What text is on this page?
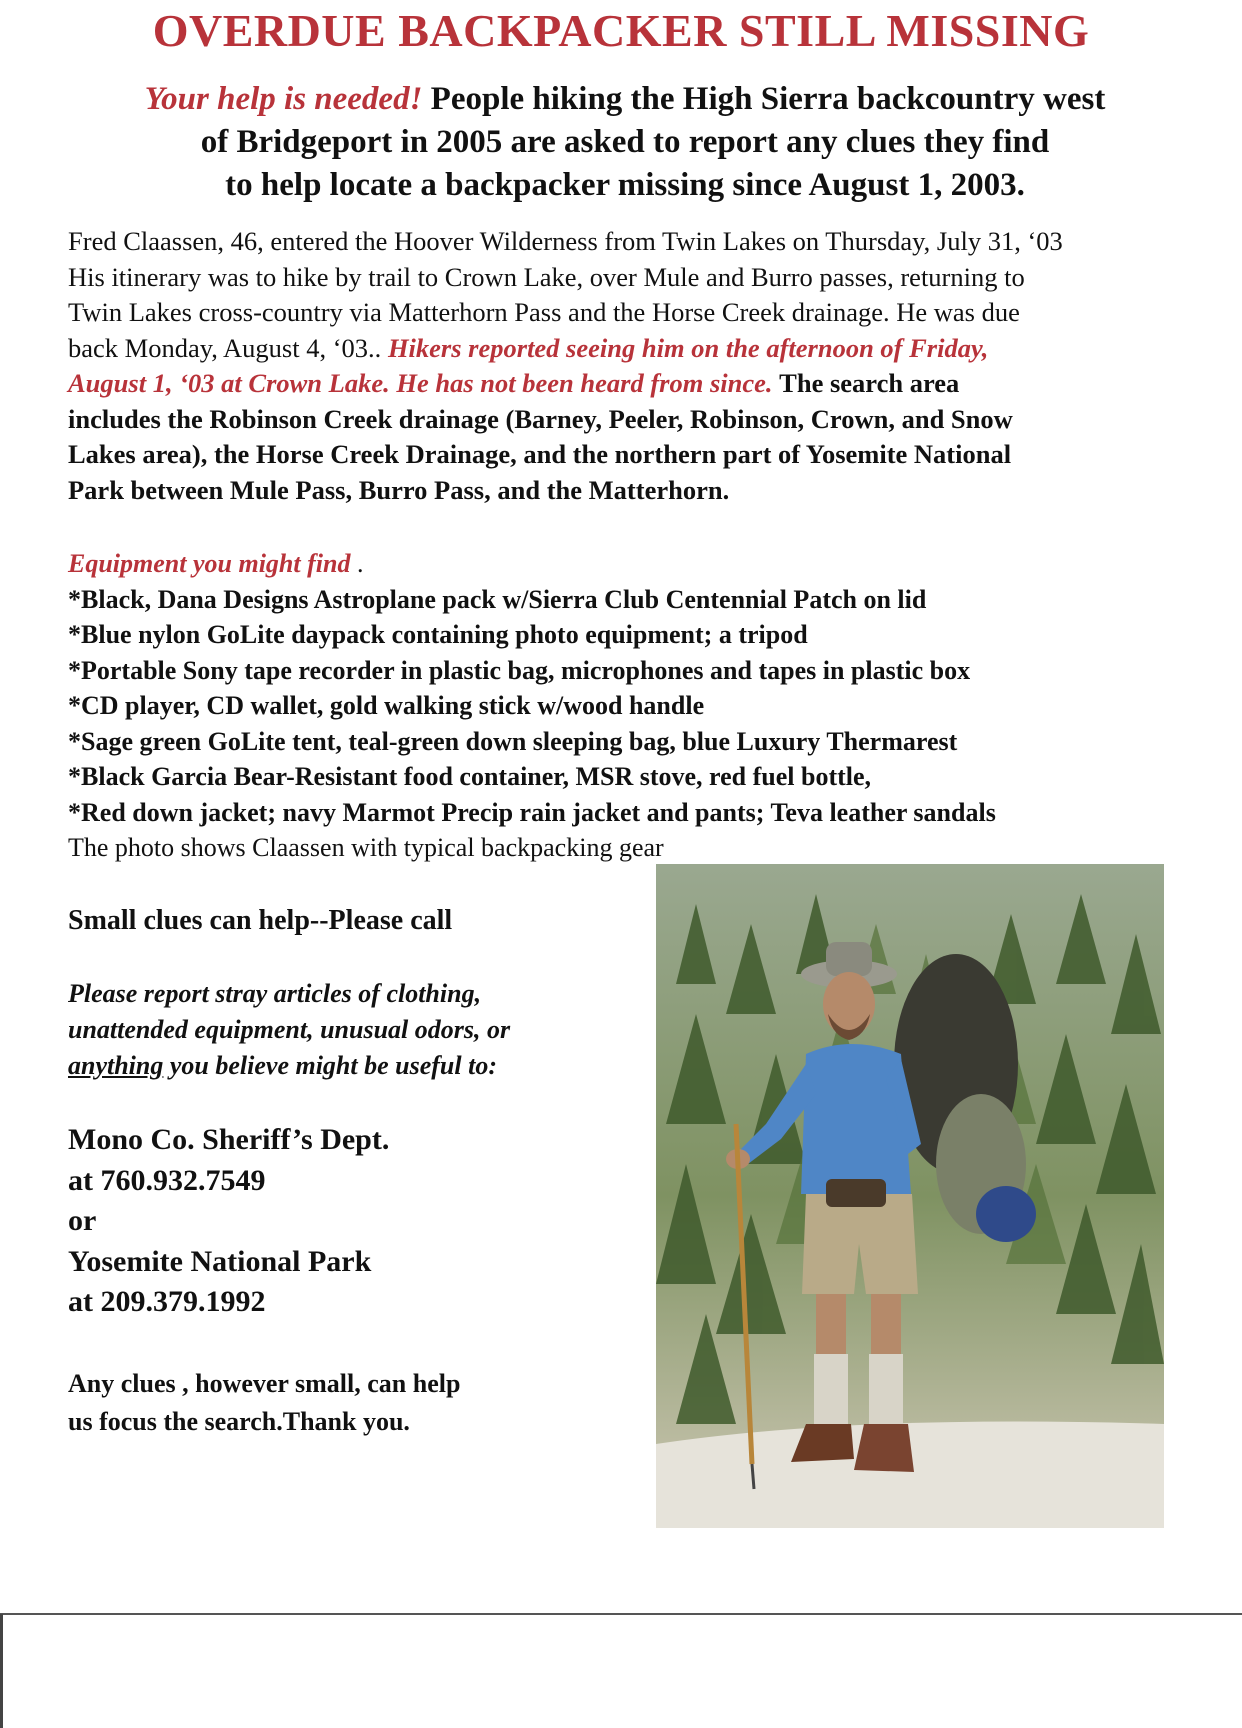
OVERDUE BACKPACKER STILL MISSING
Your help is needed! People hiking the High Sierra backcountry west
of Bridgeport in 2005 are asked to report any clues they find
to help locate a backpacker missing since August 1, 2003.
Fred Claassen, 46, entered the Hoover Wilderness from Twin Lakes on Thursday, July 31, ‘03
His itinerary was to hike by trail to Crown Lake, over Mule and Burro passes, returning to
Twin Lakes cross-country via Matterhorn Pass and the Horse Creek drainage. He was due
back Monday, August 4, ‘03.. Hikers reported seeing him on the afternoon of Friday,
August 1, ‘03 at Crown Lake. He has not been heard from since. The search area
includes the Robinson Creek drainage (Barney, Peeler, Robinson, Crown, and Snow
Lakes area), the Horse Creek Drainage, and the northern part of Yosemite National
Park between Mule Pass, Burro Pass, and the Matterhorn.
Equipment you might find .
*Black, Dana Designs Astroplane pack w/Sierra Club Centennial Patch on lid
*Blue nylon GoLite daypack containing photo equipment; a tripod
*Portable Sony tape recorder in plastic bag, microphones and tapes in plastic box
*CD player, CD wallet, gold walking stick w/wood handle
*Sage green GoLite tent, teal-green down sleeping bag, blue Luxury Thermarest
*Black Garcia Bear-Resistant food container, MSR stove, red fuel bottle,
*Red down jacket; navy Marmot Precip rain jacket and pants; Teva leather sandals
The photo shows Claassen with typical backpacking gear
Small clues can help--Please call
Please report stray articles of clothing,
unattended equipment, unusual odors, or
anything you believe might be useful to:
Mono Co. Sheriff’s Dept.
at 760.932.7549
or
Yosemite National Park
at 209.379.1992
Any clues , however small, can help
us focus the search.Thank you.
